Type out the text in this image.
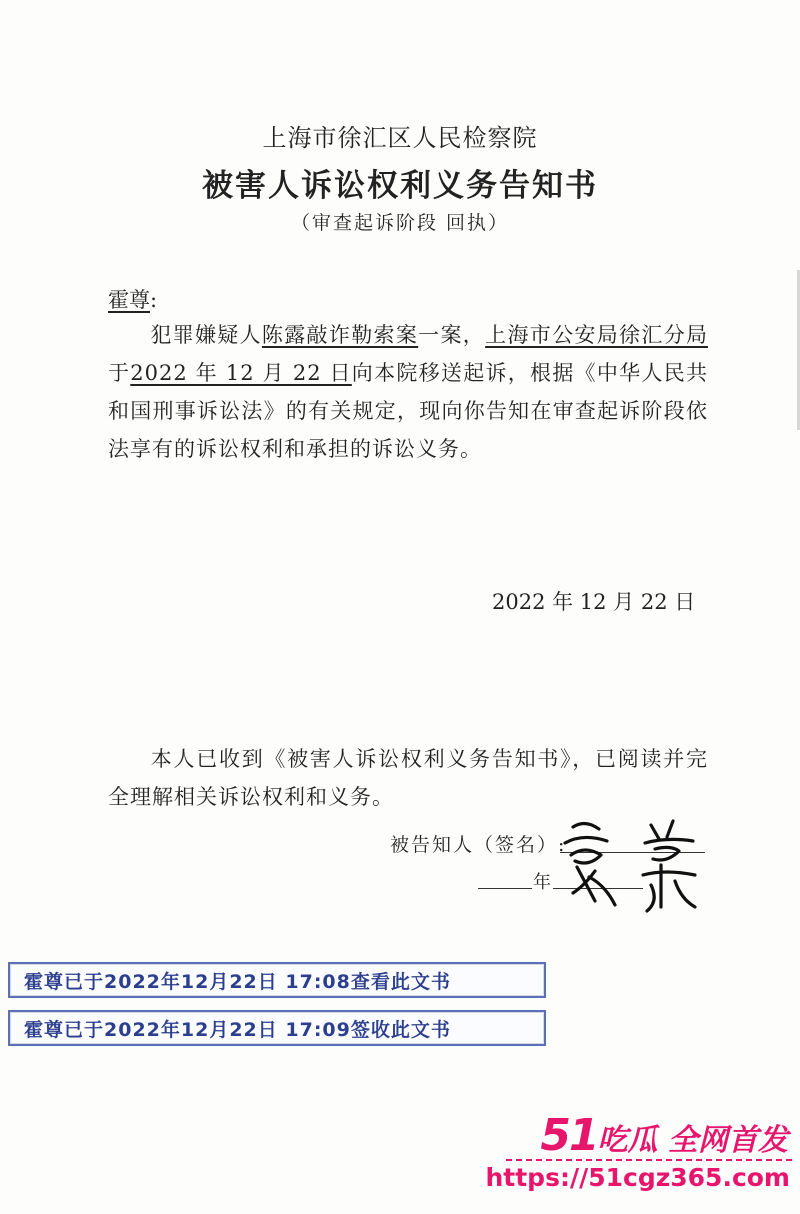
上海市徐汇区人民检察院
被害人诉讼权利义务告知书
（审查起诉阶段 回执）
霍尊:
犯罪嫌疑人陈露敲诈勒索案一案，上海市公安局徐汇分局于2022 年 12 月 22 日向本院移送起诉，根据《中华人民共和国刑事诉讼法》的有关规定，现向你告知在审查起诉阶段依法享有的诉讼权利和承担的诉讼义务。
2022 年 12 月 22 日
本人已收到《被害人诉讼权利义务告知书》，已阅读并完全理解相关诉讼权利和义务。
被告知人（签名）:
年
霍尊已于2022年12月22日 17:08查看此文书
霍尊已于2022年12月22日 17:09签收此文书
51吃瓜 全网首发
https://51cgz365.com
